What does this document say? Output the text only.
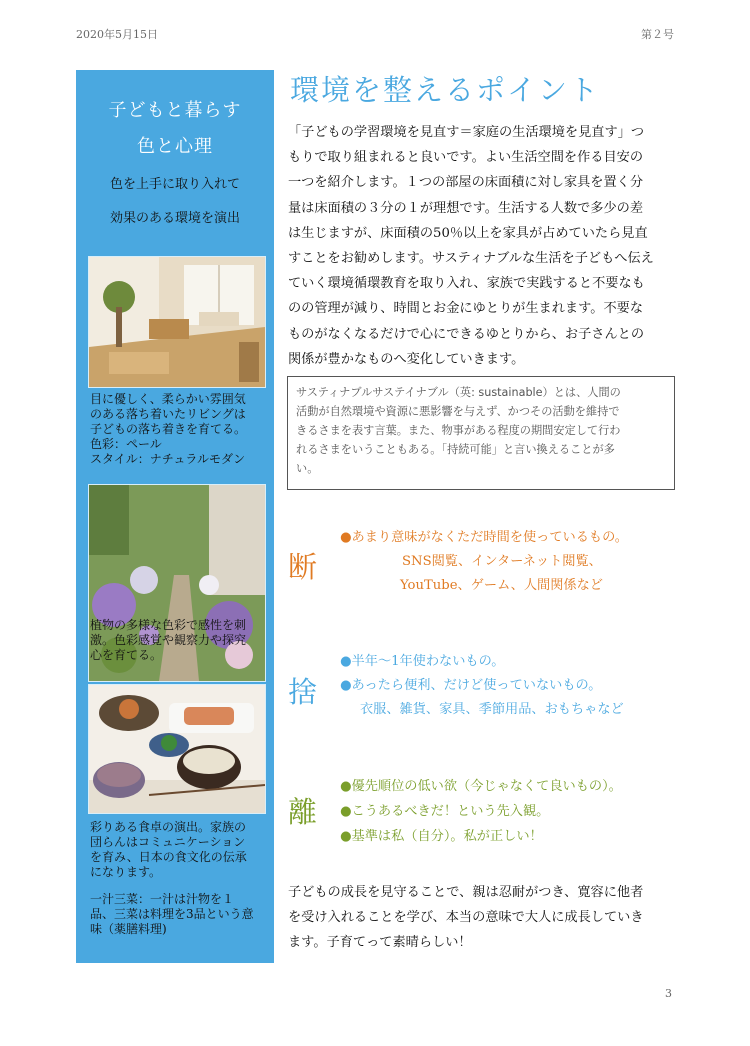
2020年5月15日	第２号
子どもと暮らす
色と心理
色を上手に取り入れて
効果のある環境を演出
目に優しく、柔らかい雰囲気
のある落ち着いたリビングは
子どもの落ち着きを育てる。
色彩：ペール
スタイル：ナチュラルモダン
植物の多様な色彩で感性を刺
激。色彩感覚や観察力や探究
心を育てる。
彩りある食卓の演出。家族の
団らんはコミュニケーション
を育み、日本の食文化の伝承
になります。
一汁三菜：一汁は汁物を１
品、三菜は料理を3品という意
味（薬膳料理)
環境を整えるポイント
「子どもの学習環境を見直す＝家庭の生活環境を見直す」つ
もりで取り組まれると良いです。よい生活空間を作る目安の
一つを紹介します。１つの部屋の床面積に対し家具を置く分
量は床面積の３分の１が理想です。生活する人数で多少の差
は生じますが、床面積の50％以上を家具が占めていたら見直
すことをお勧めします。サスティナブルな生活を子どもへ伝え
ていく環境循環教育を取り入れ、家族で実践すると不要なも
のの管理が減り、時間とお金にゆとりが生まれます。不要な
ものがなくなるだけで心にできるゆとりから、お子さんとの
関係が豊かなものへ変化していきます。
サスティナブルサステイナブル（英: sustainable）とは、人間の
活動が自然環境や資源に悪影響を与えず、かつその活動を維持で
きるさまを表す言葉。また、物事がある程度の期間安定して行わ
れるさまをいうこともある。「持続可能」と言い換えることが多
い。
断
●あまり意味がなくただ時間を使っているもの。
SNS閲覧、インターネット閲覧、
YouTube、ゲーム、人間関係など
捨
●半年〜1年使わないもの。
●あったら便利、だけど使っていないもの。
衣服、雑貨、家具、季節用品、おもちゃなど
離
●優先順位の低い欲（今じゃなくて良いもの）。
●こうあるべきだ！という先入観。
●基準は私（自分）。私が正しい！
子どもの成長を見守ることで、親は忍耐がつき、寛容に他者
を受け入れることを学び、本当の意味で大人に成長していき
ます。子育てって素晴らしい！
3
